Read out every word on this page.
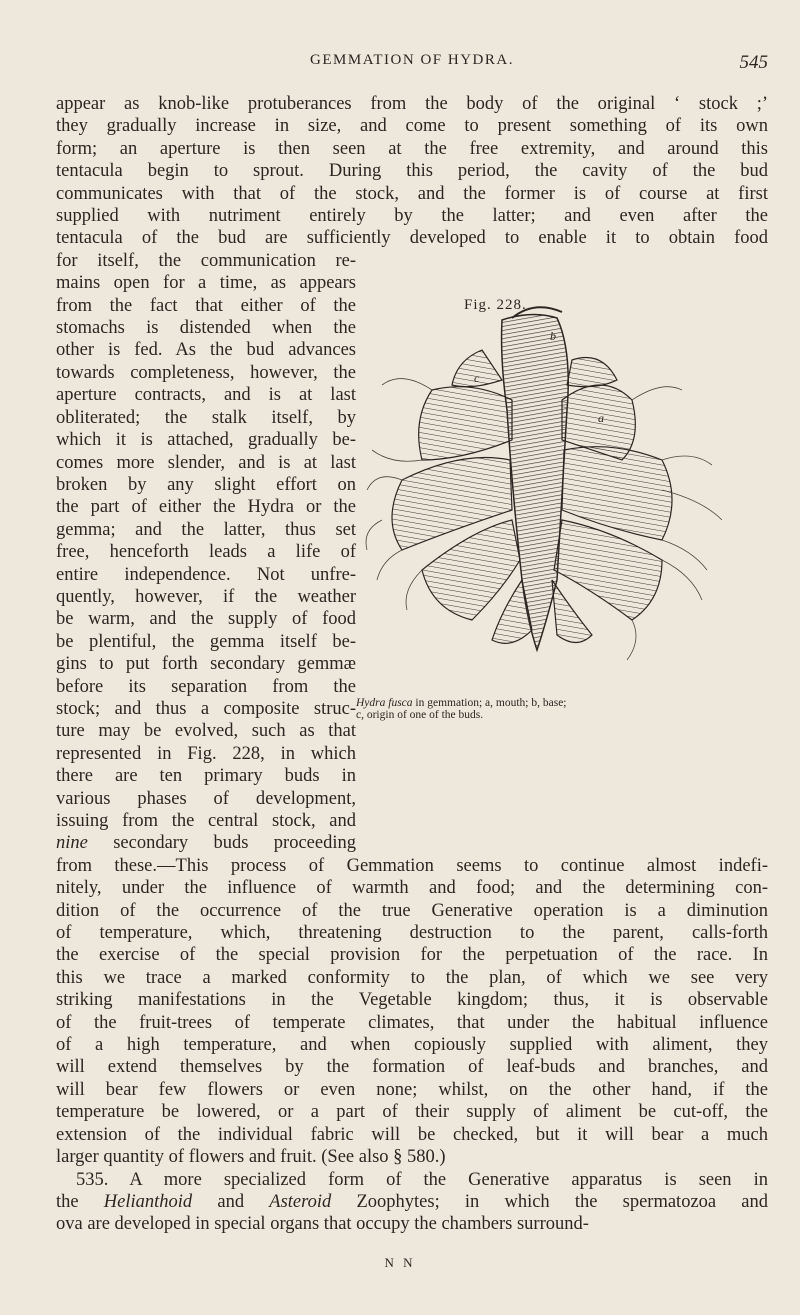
GEMMATION OF HYDRA.	545
appear as knob-like protuberances from the body of the original ‘ stock ;’
they gradually increase in size, and come to present something of its own
form; an aperture is then seen at the free extremity, and around this
tentacula begin to sprout. During this period, the cavity of the bud
communicates with that of the stock, and the former is of course at first
supplied with nutriment entirely by the latter; and even after the
tentacula of the bud are sufficiently developed to enable it to obtain food
for itself, the communication re-
mains open for a time, as appears
from the fact that either of the
stomachs is distended when the
other is fed. As the bud advances
towards completeness, however, the
aperture contracts, and is at last
obliterated; the stalk itself, by
which it is attached, gradually be-
comes more slender, and is at last
broken by any slight effort on
the part of either the Hydra or the
gemma; and the latter, thus set
free, henceforth leads a life of
entire independence. Not unfre-
quently, however, if the weather
be warm, and the supply of food
be plentiful, the gemma itself be-
gins to put forth secondary gemmæ
before its separation from the
stock; and thus a composite struc-
ture may be evolved, such as that
represented in Fig. 228, in which
there are ten primary buds in
various phases of development,
issuing from the central stock, and
nine secondary buds proceeding
from these.—This process of Gemmation seems to continue almost indefi-
nitely, under the influence of warmth and food; and the determining con-
dition of the occurrence of the true Generative operation is a diminution
of temperature, which, threatening destruction to the parent, calls-forth
the exercise of the special provision for the perpetuation of the race. In
this we trace a marked conformity to the plan, of which we see very
striking manifestations in the Vegetable kingdom; thus, it is observable
of the fruit-trees of temperate climates, that under the habitual influence
of a high temperature, and when copiously supplied with aliment, they
will extend themselves by the formation of leaf-buds and branches, and
will bear few flowers or even none; whilst, on the other hand, if the
temperature be lowered, or a part of their supply of aliment be cut-off, the
extension of the individual fabric will be checked, but it will bear a much
larger quantity of flowers and fruit. (See also § 580.)
535. A more specialized form of the Generative apparatus is seen in
the Helianthoid and Asteroid Zoophytes; in which the spermatozoa and
ova are developed in special organs that occupy the chambers surround-
Fig. 228.
b
c
a
Hydra fusca in gemmation; a, mouth; b, base;
c, origin of one of the buds.
N N
